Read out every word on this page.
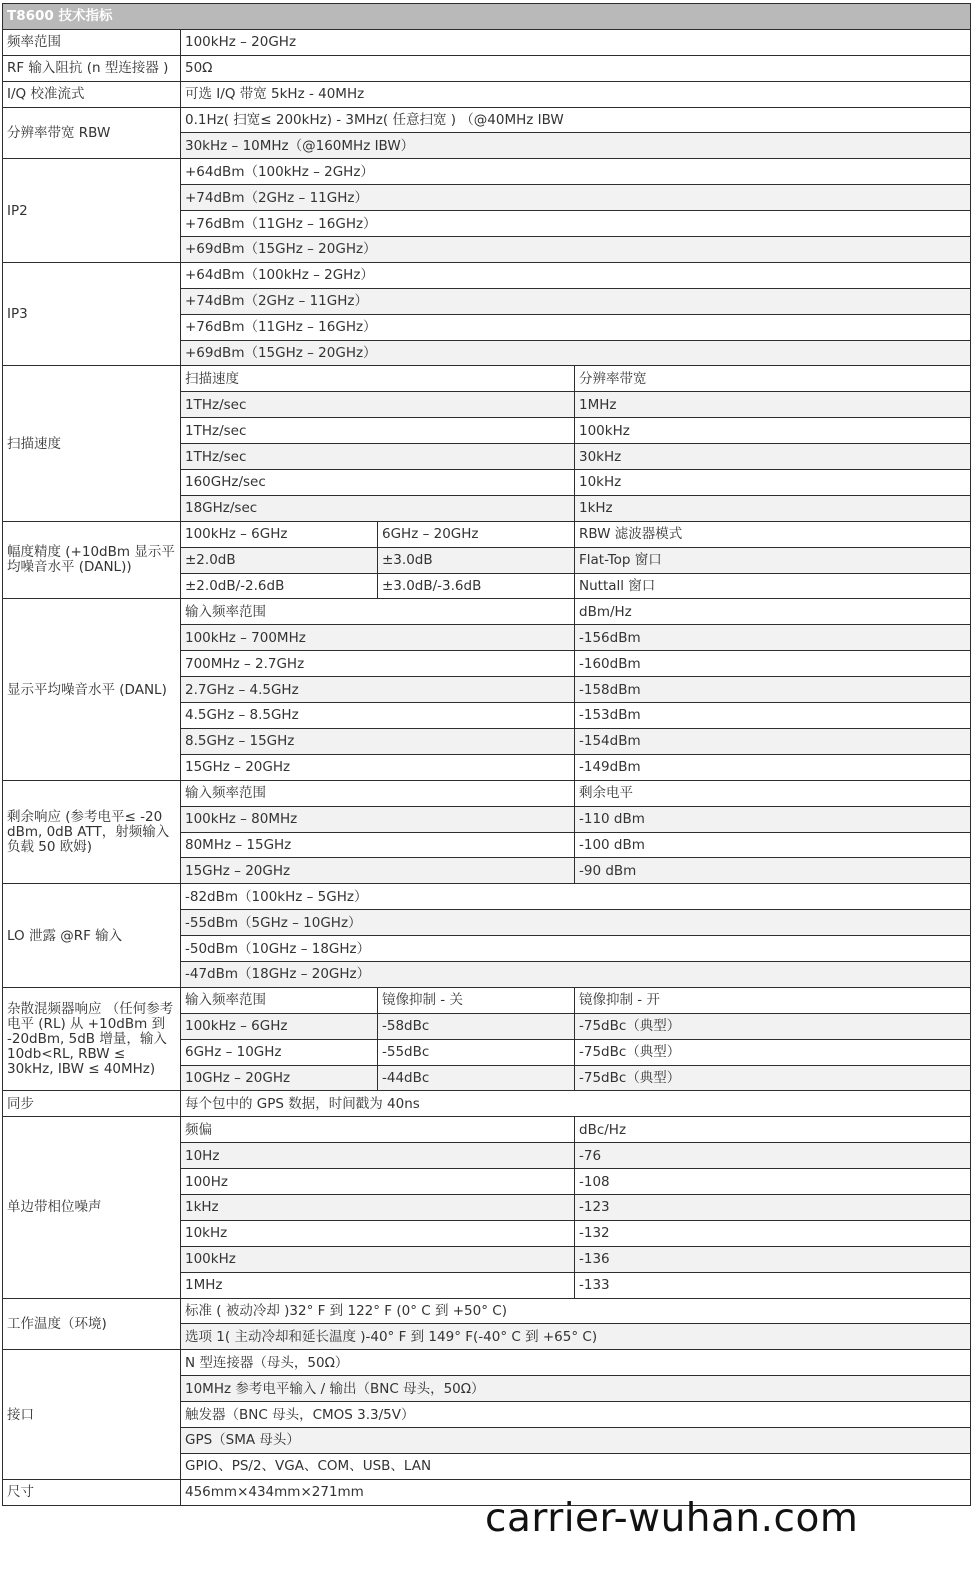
T8600 技术指标			
频率范围	100kHz – 20GHz		
RF 输入阻抗 (n 型连接器 )	50Ω		
I/Q 校准流式	可选 I/Q 带宽 5kHz - 40MHz		
分辨率带宽 RBW	0.1Hz( 扫宽≤ 200kHz) - 3MHz( 任意扫宽 ) （@40MHz IBW		
	30kHz – 10MHz（@160MHz IBW）		
IP2	+64dBm（100kHz – 2GHz）		
	+74dBm（2GHz – 11GHz）		
	+76dBm（11GHz – 16GHz）		
	+69dBm（15GHz – 20GHz）		
IP3	+64dBm（100kHz – 2GHz）		
	+74dBm（2GHz – 11GHz）		
	+76dBm（11GHz – 16GHz）		
	+69dBm（15GHz – 20GHz）		
扫描速度	扫描速度		分辨率带宽
	1THz/sec		1MHz
	1THz/sec		100kHz
	1THz/sec		30kHz
	160GHz/sec		10kHz
	18GHz/sec		1kHz
幅度精度 (+10dBm 显示平均噪音水平 (DANL))	100kHz – 6GHz	6GHz – 20GHz	RBW 滤波器模式
	±2.0dB	±3.0dB	Flat-Top 窗口
	±2.0dB/-2.6dB	±3.0dB/-3.6dB	Nuttall 窗口
显示平均噪音水平 (DANL)	输入频率范围		dBm/Hz
	100kHz – 700MHz		-156dBm
	700MHz – 2.7GHz		-160dBm
	2.7GHz – 4.5GHz		-158dBm
	4.5GHz – 8.5GHz		-153dBm
	8.5GHz – 15GHz		-154dBm
	15GHz – 20GHz		-149dBm
剩余响应 (参考电平≤ -20 dBm, 0dB ATT，射频输入负载 50 欧姆)	输入频率范围		剩余电平
	100kHz – 80MHz		-110 dBm
	80MHz – 15GHz		-100 dBm
	15GHz – 20GHz		-90 dBm
LO 泄露 @RF 输入	-82dBm（100kHz – 5GHz）		
	-55dBm（5GHz – 10GHz）		
	-50dBm（10GHz – 18GHz）		
	-47dBm（18GHz – 20GHz）		
杂散混频器响应 （任何参考电平 (RL) 从 +10dBm 到 -20dBm, 5dB 增量，输入 10db<RL, RBW ≤ 30kHz, IBW ≤ 40MHz)	输入频率范围	镜像抑制 - 关	镜像抑制 - 开
	100kHz – 6GHz	-58dBc	-75dBc（典型）
	6GHz – 10GHz	-55dBc	-75dBc（典型）
	10GHz – 20GHz	-44dBc	-75dBc（典型）
同步	每个包中的 GPS 数据，时间戳为 40ns		
单边带相位噪声	频偏		dBc/Hz
	10Hz		-76
	100Hz		-108
	1kHz		-123
	10kHz		-132
	100kHz		-136
	1MHz		-133
工作温度（环境)	标准 ( 被动冷却 )32° F 到 122° F (0° C 到 +50° C)		
	选项 1( 主动冷却和延长温度 )-40° F 到 149° F(-40° C 到 +65° C)		
接口	N 型连接器（母头，50Ω）		
	10MHz 参考电平输入 / 输出（BNC 母头，50Ω）		
	触发器（BNC 母头，CMOS 3.3/5V）		
	GPS（SMA 母头）		
	GPIO、PS/2、VGA、COM、USB、LAN		
尺寸	456mm×434mm×271mm		
carrier-wuhan.com
